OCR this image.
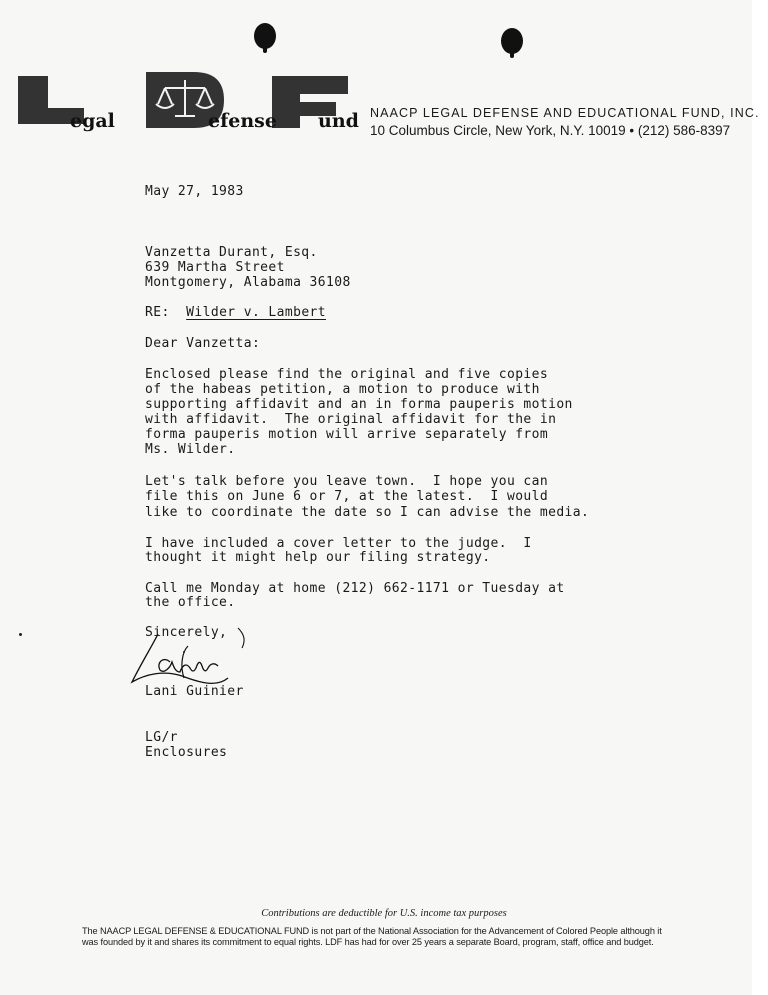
egal	efense und NAACP LEGAL DEFENSE AND EDUCATIONAL FUND, INC.
10 Columbus Circle, New York, N.Y. 10019 • (212) 586-8397
May 27, 1983
Vanzetta Durant, Esq.
639 Martha Street
Montgomery, Alabama 36108
RE: Wilder v. Lambert
Dear Vanzetta:
Enclosed please find the original and five copies
of the habeas petition, a motion to produce with
supporting affidavit and an in forma pauperis motion
with affidavit.  The original affidavit for the in
forma pauperis motion will arrive separately from
Ms. Wilder.
Let's talk before you leave town.  I hope you can
file this on June 6 or 7, at the latest.  I would
like to coordinate the date so I can advise the media.
I have included a cover letter to the judge.  I
thought it might help our filing strategy.
Call me Monday at home (212) 662-1171 or Tuesday at
the office.
Sincerely,
Lani Guinier
LG/r
Enclosures
Contributions are deductible for U.S. income tax purposes
The NAACP LEGAL DEFENSE & EDUCATIONAL FUND is not part of the National Association for the Advancement of Colored People although it
was founded by it and shares its commitment to equal rights. LDF has had for over 25 years a separate Board, program, staff, office and budget.
